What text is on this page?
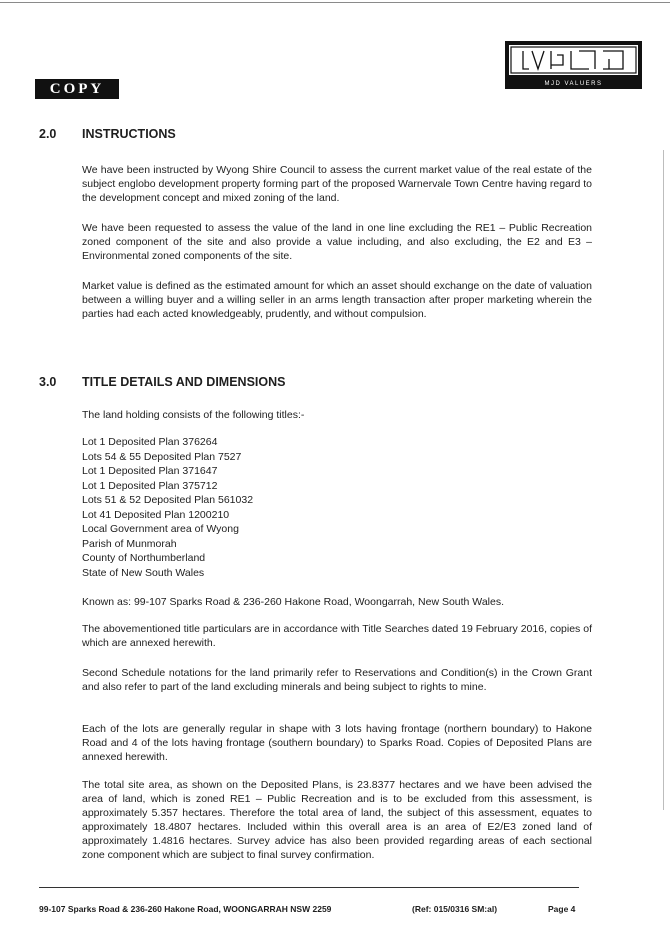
COPY	MJD VALUERS
2.0 INSTRUCTIONS

We have been instructed by Wyong Shire Council to assess the current market value of the real estate of the subject englobo development property forming part of the proposed Warnervale Town Centre having regard to the development concept and mixed zoning of the land.

We have been requested to assess the value of the land in one line excluding the RE1 – Public Recreation zoned component of the site and also provide a value including, and also excluding, the E2 and E3 – Environmental zoned components of the site.

Market value is defined as the estimated amount for which an asset should exchange on the date of valuation between a willing buyer and a willing seller in an arms length transaction after proper marketing wherein the parties had each acted knowledgeably, prudently, and without compulsion.

3.0 TITLE DETAILS AND DIMENSIONS

The land holding consists of the following titles:-

Lot 1 Deposited Plan 376264
Lots 54 & 55 Deposited Plan 7527
Lot 1 Deposited Plan 371647
Lot 1 Deposited Plan 375712
Lots 51 & 52 Deposited Plan 561032
Lot 41 Deposited Plan 1200210
Local Government area of Wyong
Parish of Munmorah
County of Northumberland
State of New South Wales

Known as: 99-107 Sparks Road & 236-260 Hakone Road, Woongarrah, New South Wales.

The abovementioned title particulars are in accordance with Title Searches dated 19 February 2016, copies of which are annexed herewith.

Second Schedule notations for the land primarily refer to Reservations and Condition(s) in the Crown Grant and also refer to part of the land excluding minerals and being subject to rights to mine.

Each of the lots are generally regular in shape with 3 lots having frontage (northern boundary) to Hakone Road and 4 of the lots having frontage (southern boundary) to Sparks Road. Copies of Deposited Plans are annexed herewith.

The total site area, as shown on the Deposited Plans, is 23.8377 hectares and we have been advised the area of land, which is zoned RE1 – Public Recreation and is to be excluded from this assessment, is approximately 5.357 hectares. Therefore the total area of land, the subject of this assessment, equates to approximately 18.4807 hectares. Included within this overall area is an area of E2/E3 zoned land of approximately 1.4816 hectares. Survey advice has also been provided regarding areas of each sectional zone component which are subject to final survey confirmation.

99-107 Sparks Road & 236-260 Hakone Road, WOONGARRAH NSW 2259	(Ref: 015/0316 SM:al)	Page 4
